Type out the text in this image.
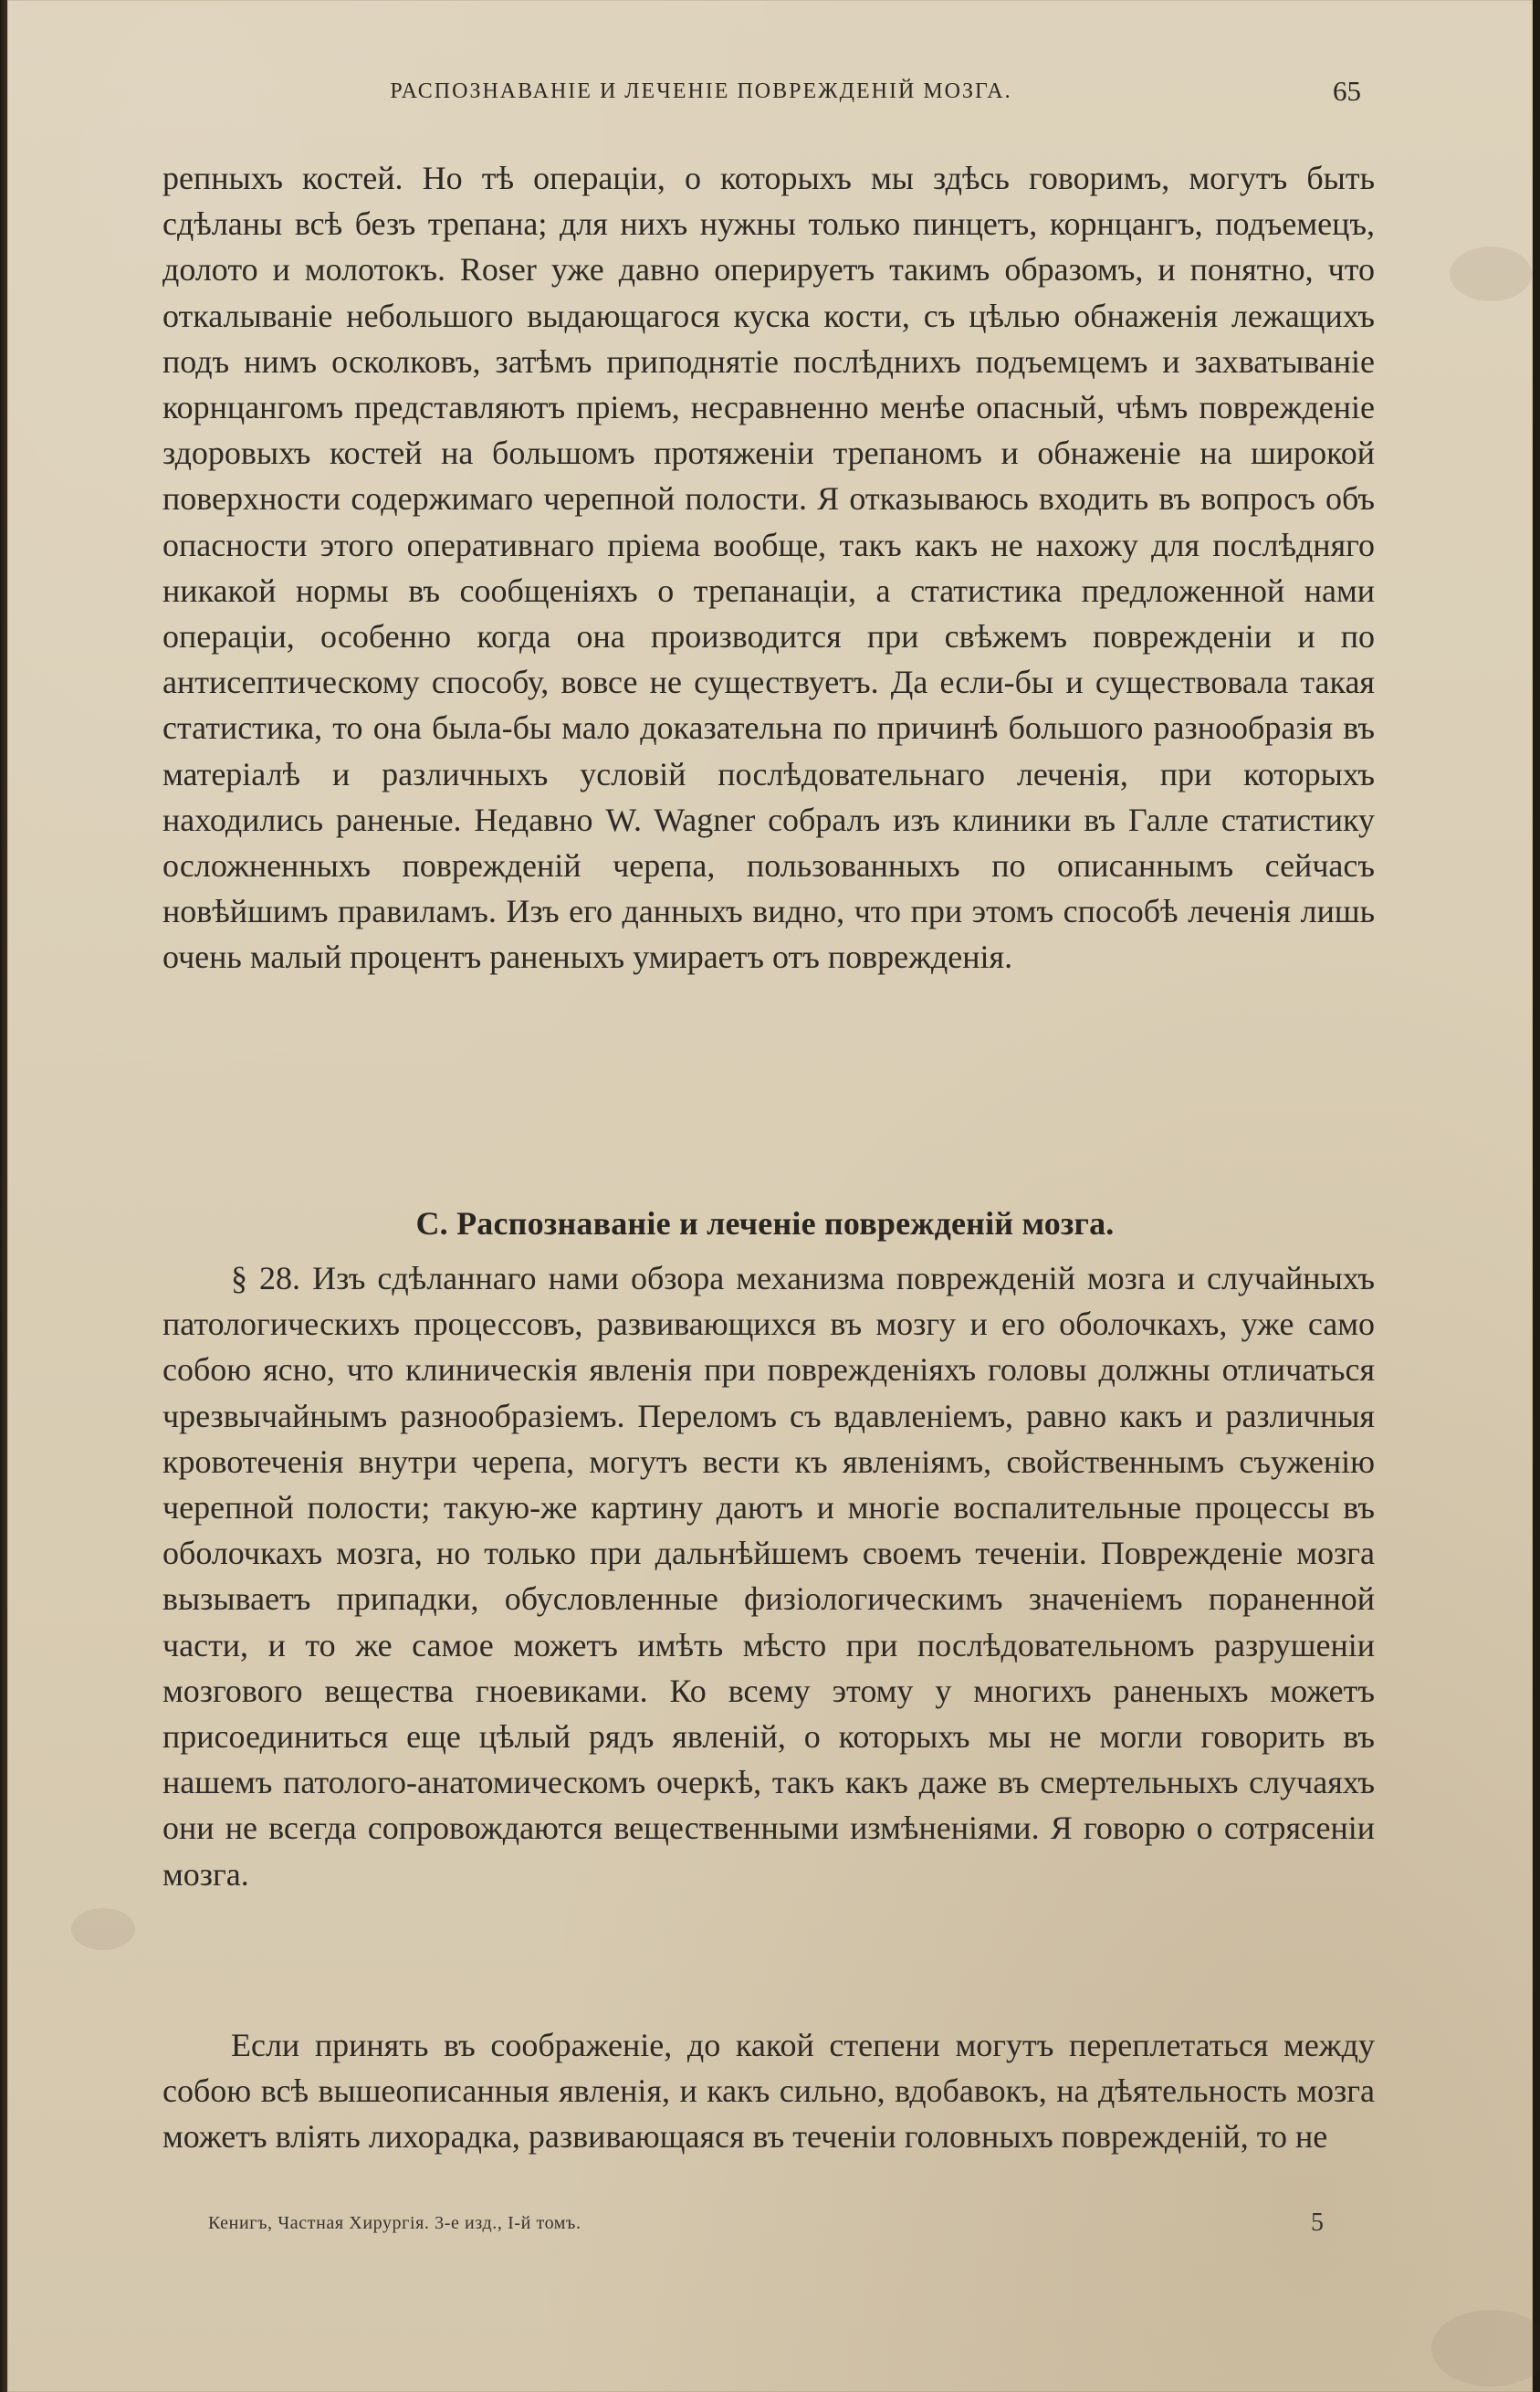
РАСПОЗНАВАНІЕ И ЛЕЧЕНІЕ ПОВРЕЖДЕНІЙ МОЗГА.	65

репныхъ костей. Но тѣ операціи, о которыхъ мы здѣсь говоримъ, могутъ быть сдѣланы всѣ безъ трепана; для нихъ нужны только пинцетъ, корнцангъ, подъемецъ, долото и молотокъ. Roser уже давно оперируетъ такимъ образомъ, и понятно, что откалываніе небольшого выдающагося куска кости, съ цѣлью обнаженія лежащихъ подъ нимъ осколковъ, затѣмъ приподнятіе послѣднихъ подъемцемъ и захватываніе корнцангомъ представляютъ пріемъ, несравненно менѣе опасный, чѣмъ поврежденіе здоровыхъ костей на большомъ протяженіи трепаномъ и обнаженіе на широкой поверхности содержимаго черепной полости. Я отказываюсь входить въ вопросъ объ опасности этого оперативнаго пріема вообще, такъ какъ не нахожу для послѣдняго никакой нормы въ сообщеніяхъ о трепанаціи, а статистика предложенной нами операціи, особенно когда она производится при свѣжемъ поврежденіи и по антисептическому способу, вовсе не существуетъ. Да если-бы и существовала такая статистика, то она была-бы мало доказательна по причинѣ большого разнообразія въ матеріалѣ и различныхъ условій послѣдовательнаго леченія, при которыхъ находились раненые. Недавно W. Wagner собралъ изъ клиники въ Галле статистику осложненныхъ поврежденій черепа, пользованныхъ по описаннымъ сейчасъ новѣйшимъ правиламъ. Изъ его данныхъ видно, что при этомъ способѣ леченія лишь очень малый процентъ раненыхъ умираетъ отъ поврежденія.

С. Распознаваніе и леченіе поврежденій мозга.

§ 28. Изъ сдѣланнаго нами обзора механизма поврежденій мозга и случайныхъ патологическихъ процессовъ, развивающихся въ мозгу и его оболочкахъ, уже само собою ясно, что клиническія явленія при поврежденіяхъ головы должны отличаться чрезвычайнымъ разнообразіемъ. Переломъ съ вдавленіемъ, равно какъ и различныя кровотеченія внутри черепа, могутъ вести къ явленіямъ, свойственнымъ съуженію черепной полости; такую-же картину даютъ и многіе воспалительные процессы въ оболочкахъ мозга, но только при дальнѣйшемъ своемъ теченіи. Поврежденіе мозга вызываетъ припадки, обусловленные физіологическимъ значеніемъ пораненной части, и то же самое можетъ имѣть мѣсто при послѣдовательномъ разрушеніи мозгового вещества гноевиками. Ко всему этому у многихъ раненыхъ можетъ присоединиться еще цѣлый рядъ явленій, о которыхъ мы не могли говорить въ нашемъ патолого-анатомическомъ очеркѣ, такъ какъ даже въ смертельныхъ случаяхъ они не всегда сопровождаются вещественными измѣненіями. Я говорю о сотрясеніи мозга.

Если принять въ соображеніе, до какой степени могутъ переплетаться между собою всѣ вышеописанныя явленія, и какъ сильно, вдобавокъ, на дѣятельность мозга можетъ вліять лихорадка, развивающаяся въ теченіи головныхъ поврежденій, то не

Кенигъ, Частная Хирургія. 3-е изд., I-й томъ.	5
